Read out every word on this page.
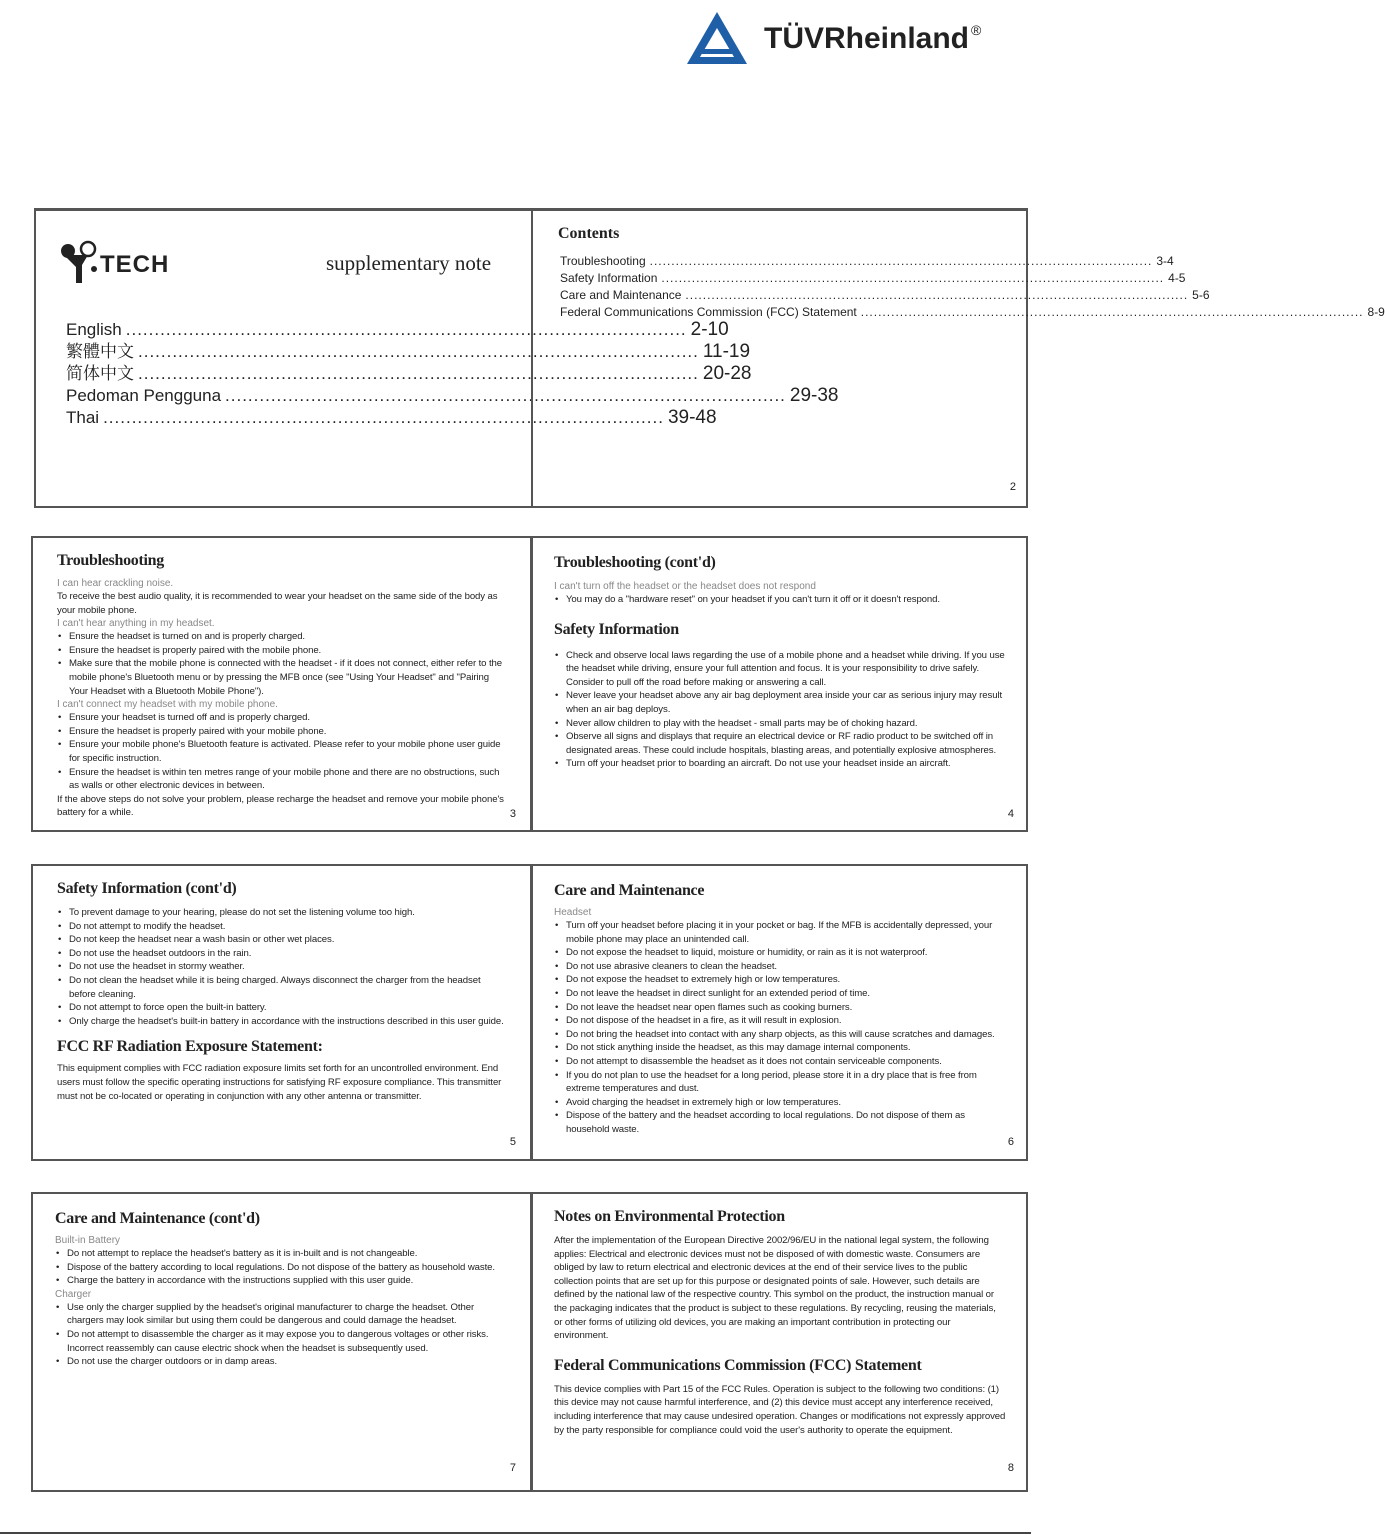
TÜVRheinland ®
TECH	supplementary note
English .................................................................................................. 2-10
繁體中文 .................................................................................................. 11-19
简体中文 .................................................................................................. 20-28
Pedoman Pengguna .................................................................................................. 29-38
Thai .................................................................................................. 39-48
Contents
Troubleshooting .................................................................................................................... 3-4
Safety Information .................................................................................................................... 4-5
Care and Maintenance .................................................................................................................... 5-6
Federal Communications Commission (FCC) Statement .................................................................................................................... 8-9
2
Troubleshooting
I can hear crackling noise.
To receive the best audio quality, it is recommended to wear your headset on the same side of the body as your mobile phone.
I can't hear anything in my headset.
• Ensure the headset is turned on and is properly charged.
• Ensure the headset is properly paired with the mobile phone.
• Make sure that the mobile phone is connected with the headset - if it does not connect, either refer to the mobile phone's Bluetooth menu or by pressing the MFB once (see "Using Your Headset" and "Pairing Your Headset with a Bluetooth Mobile Phone").
I can't connect my headset with my mobile phone.
• Ensure your headset is turned off and is properly charged.
• Ensure the headset is properly paired with your mobile phone.
• Ensure your mobile phone's Bluetooth feature is activated. Please refer to your mobile phone user guide for specific instruction.
• Ensure the headset is within ten metres range of your mobile phone and there are no obstructions, such as walls or other electronic devices in between.
If the above steps do not solve your problem, please recharge the headset and remove your mobile phone's battery for a while.	3
Troubleshooting (cont'd)
I can't turn off the headset or the headset does not respond
• You may do a "hardware reset" on your headset if you can't turn it off or it doesn't respond.
Safety Information
• Check and observe local laws regarding the use of a mobile phone and a headset while driving. If you use the headset while driving, ensure your full attention and focus. It is your responsibility to drive safely. Consider to pull off the road before making or answering a call.
• Never leave your headset above any air bag deployment area inside your car as serious injury may result when an air bag deploys.
• Never allow children to play with the headset - small parts may be of choking hazard.
• Observe all signs and displays that require an electrical device or RF radio product to be switched off in designated areas. These could include hospitals, blasting areas, and potentially explosive atmospheres.
• Turn off your headset prior to boarding an aircraft. Do not use your headset inside an aircraft.
4
Safety Information (cont'd)
• To prevent damage to your hearing, please do not set the listening volume too high.
• Do not attempt to modify the headset.
• Do not keep the headset near a wash basin or other wet places.
• Do not use the headset outdoors in the rain.
• Do not use the headset in stormy weather.
• Do not clean the headset while it is being charged. Always disconnect the charger from the headset before cleaning.
• Do not attempt to force open the built-in battery.
• Only charge the headset's built-in battery in accordance with the instructions described in this user guide.
FCC RF Radiation Exposure Statement:
This equipment complies with FCC radiation exposure limits set forth for an uncontrolled environment. End users must follow the specific operating instructions for satisfying RF exposure compliance. This transmitter must not be co-located or operating in conjunction with any other antenna or transmitter.
5
Care and Maintenance
Headset
• Turn off your headset before placing it in your pocket or bag. If the MFB is accidentally depressed, your mobile phone may place an unintended call.
• Do not expose the headset to liquid, moisture or humidity, or rain as it is not waterproof.
• Do not use abrasive cleaners to clean the headset.
• Do not expose the headset to extremely high or low temperatures.
• Do not leave the headset in direct sunlight for an extended period of time.
• Do not leave the headset near open flames such as cooking burners.
• Do not dispose of the headset in a fire, as it will result in explosion.
• Do not bring the headset into contact with any sharp objects, as this will cause scratches and damages.
• Do not stick anything inside the headset, as this may damage internal components.
• Do not attempt to disassemble the headset as it does not contain serviceable components.
• If you do not plan to use the headset for a long period, please store it in a dry place that is free from extreme temperatures and dust.
• Avoid charging the headset in extremely high or low temperatures.
• Dispose of the battery and the headset according to local regulations. Do not dispose of them as household waste.
6
Care and Maintenance (cont'd)
Built-in Battery
• Do not attempt to replace the headset's battery as it is in-built and is not changeable.
• Dispose of the battery according to local regulations. Do not dispose of the battery as household waste.
• Charge the battery in accordance with the instructions supplied with this user guide.
Charger
• Use only the charger supplied by the headset's original manufacturer to charge the headset. Other chargers may look similar but using them could be dangerous and could damage the headset.
• Do not attempt to disassemble the charger as it may expose you to dangerous voltages or other risks. Incorrect reassembly can cause electric shock when the headset is subsequently used.
• Do not use the charger outdoors or in damp areas.
7
Notes on Environmental Protection
After the implementation of the European Directive 2002/96/EU in the national legal system, the following applies: Electrical and electronic devices must not be disposed of with domestic waste. Consumers are obliged by law to return electrical and electronic devices at the end of their service lives to the public collection points that are set up for this purpose or designated points of sale. However, such details are defined by the national law of the respective country. This symbol on the product, the instruction manual or the packaging indicates that the product is subject to these regulations. By recycling, reusing the materials, or other forms of utilizing old devices, you are making an important contribution in protecting our environment.
Federal Communications Commission (FCC) Statement
This device complies with Part 15 of the FCC Rules. Operation is subject to the following two conditions: (1) this device may not cause harmful interference, and (2) this device must accept any interference received, including interference that may cause undesired operation. Changes or modifications not expressly approved by the party responsible for compliance could void the user's authority to operate the equipment.
8
